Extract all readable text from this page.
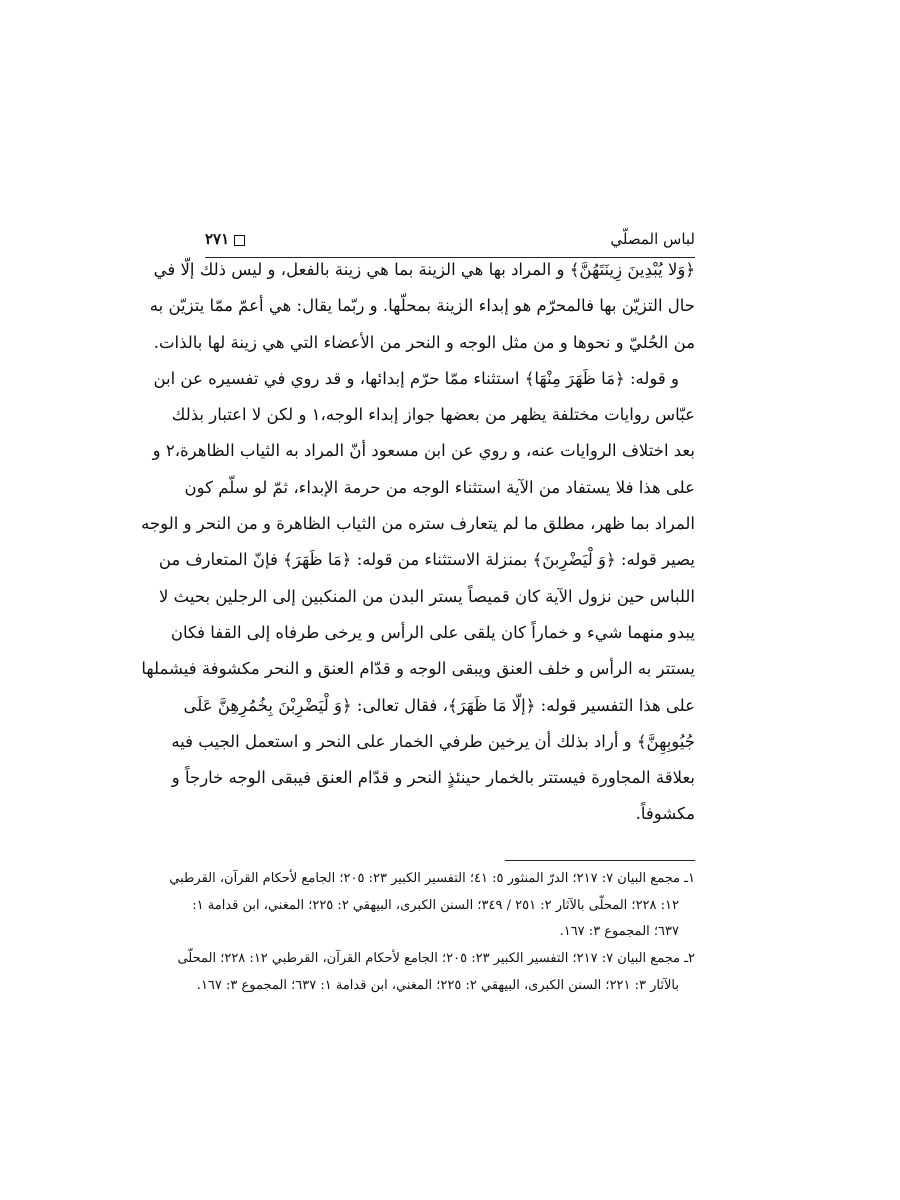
لباس المصلّي
٢٧١
﴿وَلا يُبْدِينَ زِينَتَهُنَّ﴾ و المراد بها هي الزينة بما هي زينة بالفعل، و ليس ذلك إلّا في
حال التزيّن بها فالمحرّم هو إبداء الزينة بمحلّها. و ربّما يقال: هي أعمّ ممّا يتزيّن به
من الحُليّ و نحوها و من مثل الوجه و النحر من الأعضاء التي هي زينة لها بالذات.
و قوله: ﴿مَا ظَهَرَ مِنْهَا﴾ استثناء ممّا حرّم إبدائها، و قد روي في تفسيره عن ابن
عبّاس روايات مختلفة يظهر من بعضها جواز إبداء الوجه،١ و لكن لا اعتبار بذلك
بعد اختلاف الروايات عنه، و روي عن ابن مسعود أنّ المراد به الثياب الظاهرة،٢ و
على هذا فلا يستفاد من الآية استثناء الوجه من حرمة الإبداء، ثمّ لو سلّم كون
المراد بما ظهر، مطلق ما لم يتعارف ستره من الثياب الظاهرة و من النحر و الوجه
يصير قوله: ﴿وَ لْيَضْرِبنَ﴾ بمنزلة الاستثناء من قوله: ﴿مَا ظَهَرَ﴾ فإنّ المتعارف من
اللباس حين نزول الآية كان قميصاً يستر البدن من المنكبين إلى الرجلين بحيث لا
يبدو منهما شيء و خماراً كان يلقى على الرأس و يرخى طرفاه إلى القفا فكان
يستتر به الرأس و خلف العنق ويبقى الوجه و قدّام العنق و النحر مكشوفة فيشملها
على هذا التفسير قوله: ﴿إلّا مَا ظَهَرَ﴾، فقال تعالى: ﴿وَ لْيَضْرِبْنَ بِخُمُرِهِنَّ عَلَى
جُيُوبِهِنَّ﴾ و أراد بذلك أن يرخين طرفي الخمار على النحر و استعمل الجيب فيه
بعلاقة المجاورة فيستتر بالخمار حينئذٍ النحر و قدّام العنق فيبقى الوجه خارجاً و
مكشوفاً.
١ـ مجمع البيان ٧: ٢١٧؛ الدرّ المنثور ٥: ٤١؛ التفسير الكبير ٢٣: ٢٠٥؛ الجامع لأحكام القرآن، القرطبي
١٢: ٢٢٨؛ المحلّى بالآثار ٢: ٢٥١ / ٣٤٩؛ السنن الكبرى، البيهقي ٢: ٢٢٥؛ المغني، ابن قدامة ١:
٦٣٧؛ المجموع ٣: ١٦٧.
٢ـ مجمع البيان ٧: ٢١٧؛ التفسير الكبير ٢٣: ٢٠٥؛ الجامع لأحكام القرآن، القرطبي ١٢: ٢٢٨؛ المحلّى
بالآثار ٣: ٢٢١؛ السنن الكبرى، البيهقي ٢: ٢٢٥؛ المغني، ابن قدامة ١: ٦٣٧؛ المجموع ٣: ١٦٧.
